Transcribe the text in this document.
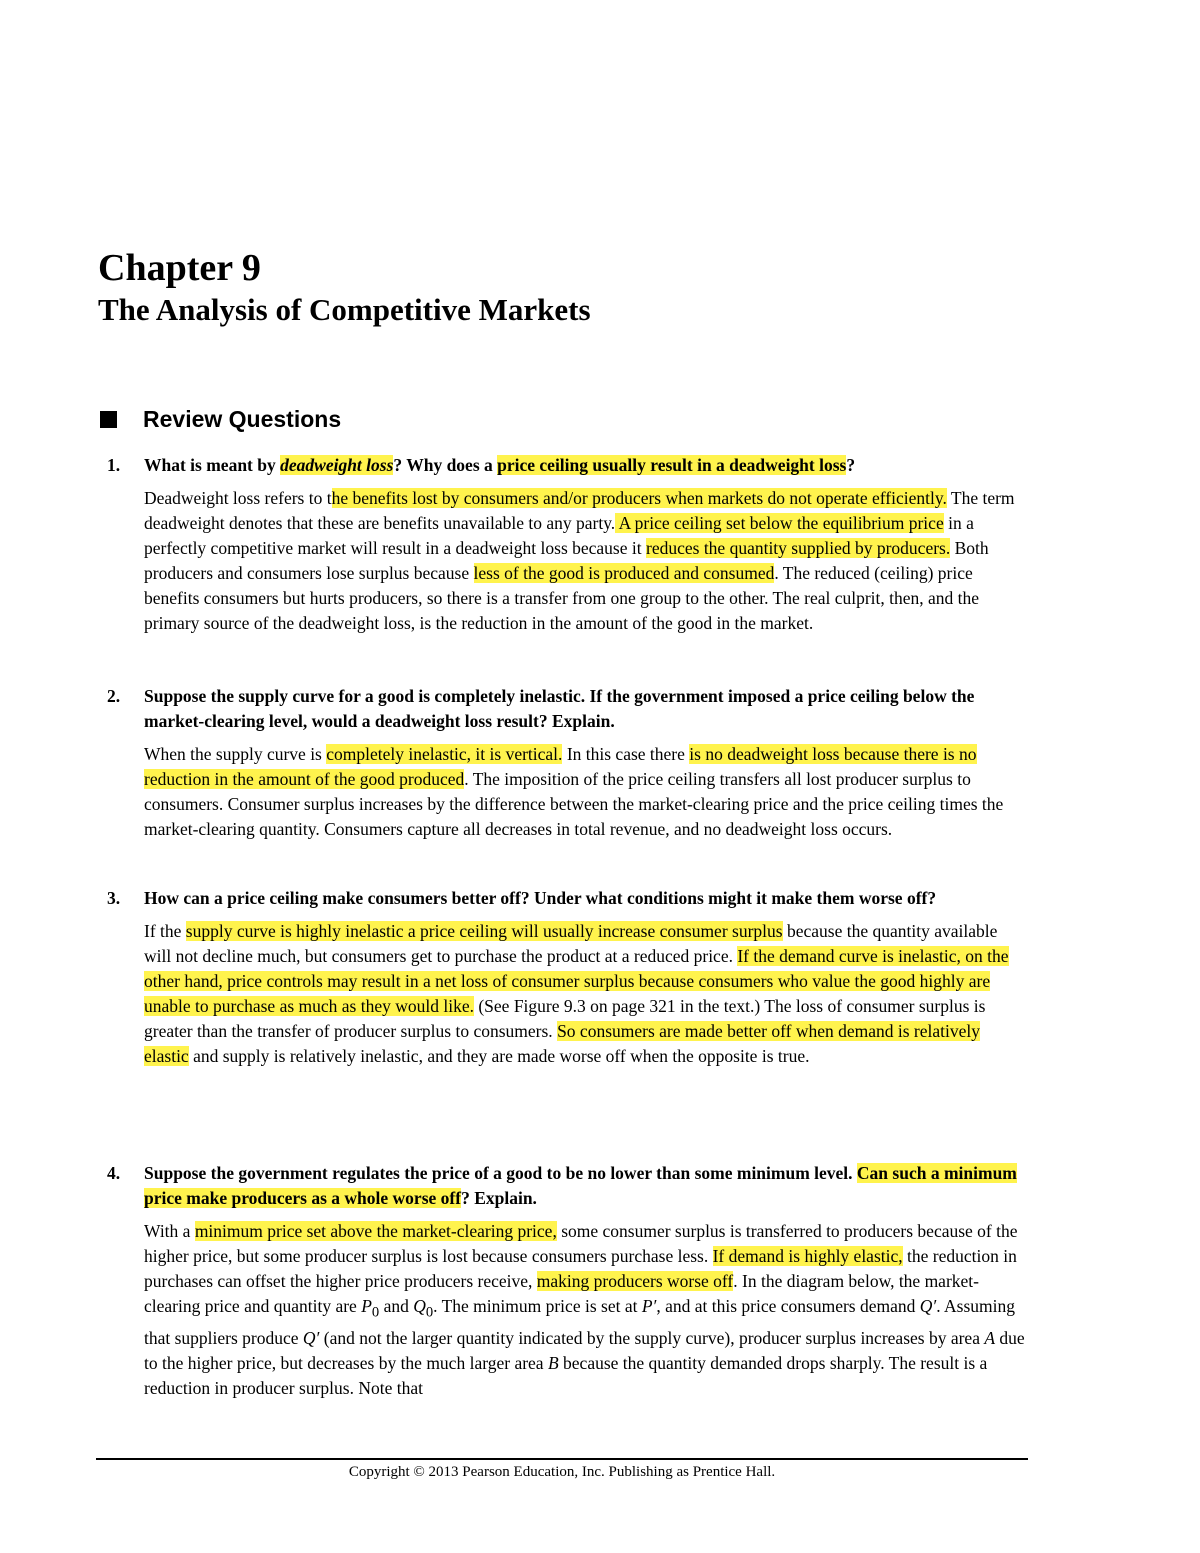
Chapter 9
The Analysis of Competitive Markets
Review Questions
1.	What is meant by deadweight loss? Why does a price ceiling usually result in a deadweight loss?
Deadweight loss refers to the benefits lost by consumers and/or producers when markets do not operate efficiently. The term deadweight denotes that these are benefits unavailable to any party. A price ceiling set below the equilibrium price in a perfectly competitive market will result in a deadweight loss because it reduces the quantity supplied by producers. Both producers and consumers lose surplus because less of the good is produced and consumed. The reduced (ceiling) price benefits consumers but hurts producers, so there is a transfer from one group to the other. The real culprit, then, and the primary source of the deadweight loss, is the reduction in the amount of the good in the market.
2.	Suppose the supply curve for a good is completely inelastic. If the government imposed a price ceiling below the market-clearing level, would a deadweight loss result? Explain.
When the supply curve is completely inelastic, it is vertical. In this case there is no deadweight loss because there is no reduction in the amount of the good produced. The imposition of the price ceiling transfers all lost producer surplus to consumers. Consumer surplus increases by the difference between the market-clearing price and the price ceiling times the market-clearing quantity. Consumers capture all decreases in total revenue, and no deadweight loss occurs.
3.	How can a price ceiling make consumers better off? Under what conditions might it make them worse off?
If the supply curve is highly inelastic a price ceiling will usually increase consumer surplus because the quantity available will not decline much, but consumers get to purchase the product at a reduced price. If the demand curve is inelastic, on the other hand, price controls may result in a net loss of consumer surplus because consumers who value the good highly are unable to purchase as much as they would like. (See Figure 9.3 on page 321 in the text.) The loss of consumer surplus is greater than the transfer of producer surplus to consumers. So consumers are made better off when demand is relatively elastic and supply is relatively inelastic, and they are made worse off when the opposite is true.
4.	Suppose the government regulates the price of a good to be no lower than some minimum level. Can such a minimum price make producers as a whole worse off? Explain.
With a minimum price set above the market-clearing price, some consumer surplus is transferred to producers because of the higher price, but some producer surplus is lost because consumers purchase less. If demand is highly elastic, the reduction in purchases can offset the higher price producers receive, making producers worse off. In the diagram below, the market-clearing price and quantity are $P_0$ and $Q_0$. The minimum price is set at P′, and at this price consumers demand Q′. Assuming that suppliers produce Q′ (and not the larger quantity indicated by the supply curve), producer surplus increases by area A due to the higher price, but decreases by the much larger area B because the quantity demanded drops sharply. The result is a reduction in producer surplus. Note that
Copyright © 2013 Pearson Education, Inc. Publishing as Prentice Hall.
